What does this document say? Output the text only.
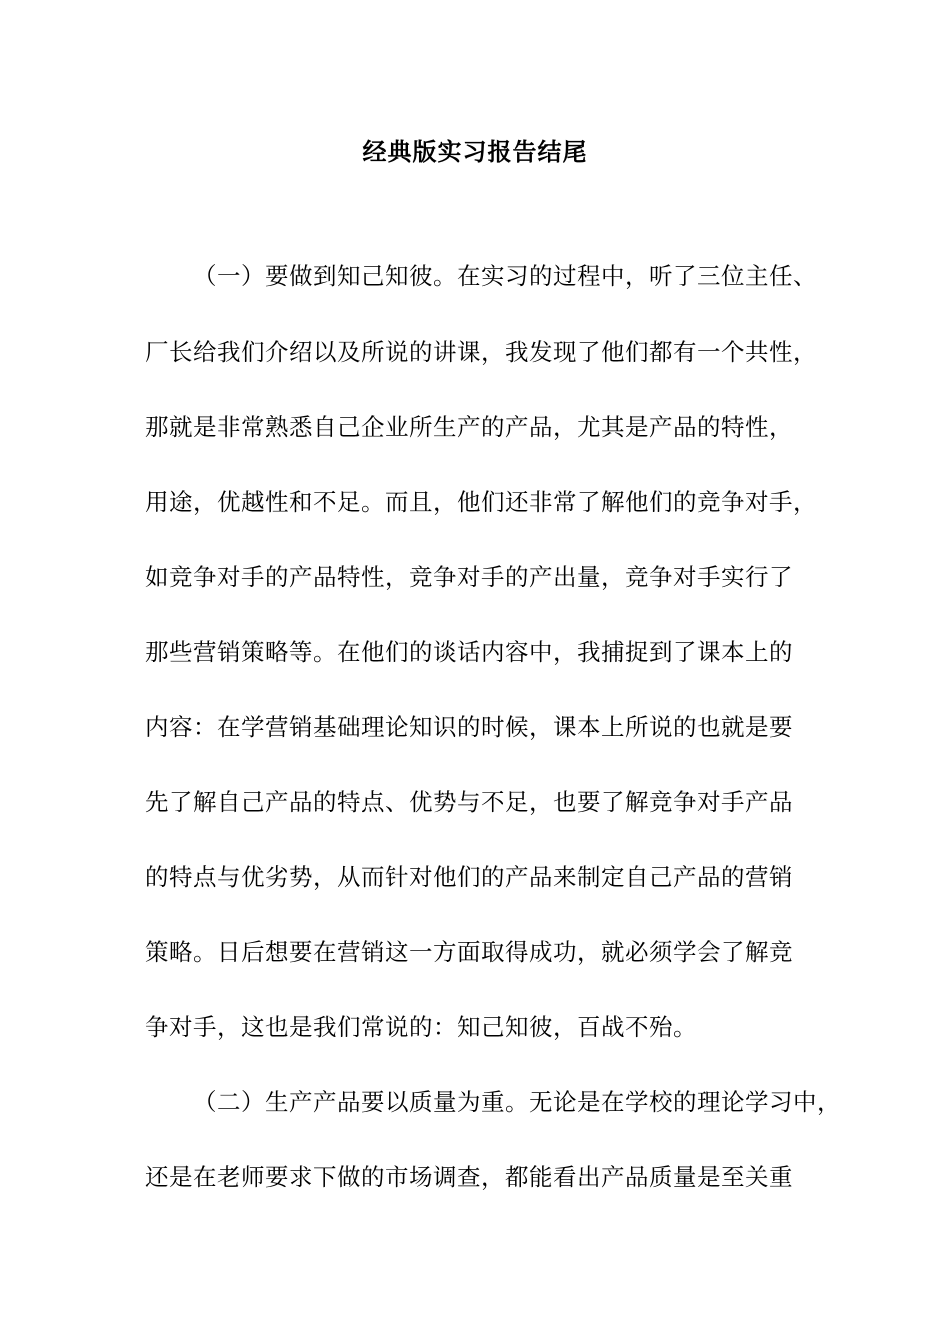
经典版实习报告结尾
（一）要做到知己知彼。在实习的过程中，听了三位主任、
厂长给我们介绍以及所说的讲课，我发现了他们都有一个共性，
那就是非常熟悉自己企业所生产的产品，尤其是产品的特性，
用途，优越性和不足。而且，他们还非常了解他们的竞争对手，
如竞争对手的产品特性，竞争对手的产出量，竞争对手实行了
那些营销策略等。在他们的谈话内容中，我捕捉到了课本上的
内容：在学营销基础理论知识的时候，课本上所说的也就是要
先了解自己产品的特点、优势与不足，也要了解竞争对手产品
的特点与优劣势，从而针对他们的产品来制定自己产品的营销
策略。日后想要在营销这一方面取得成功，就必须学会了解竞
争对手，这也是我们常说的：知己知彼，百战不殆。
（二）生产产品要以质量为重。无论是在学校的理论学习中，
还是在老师要求下做的市场调查，都能看出产品质量是至关重
